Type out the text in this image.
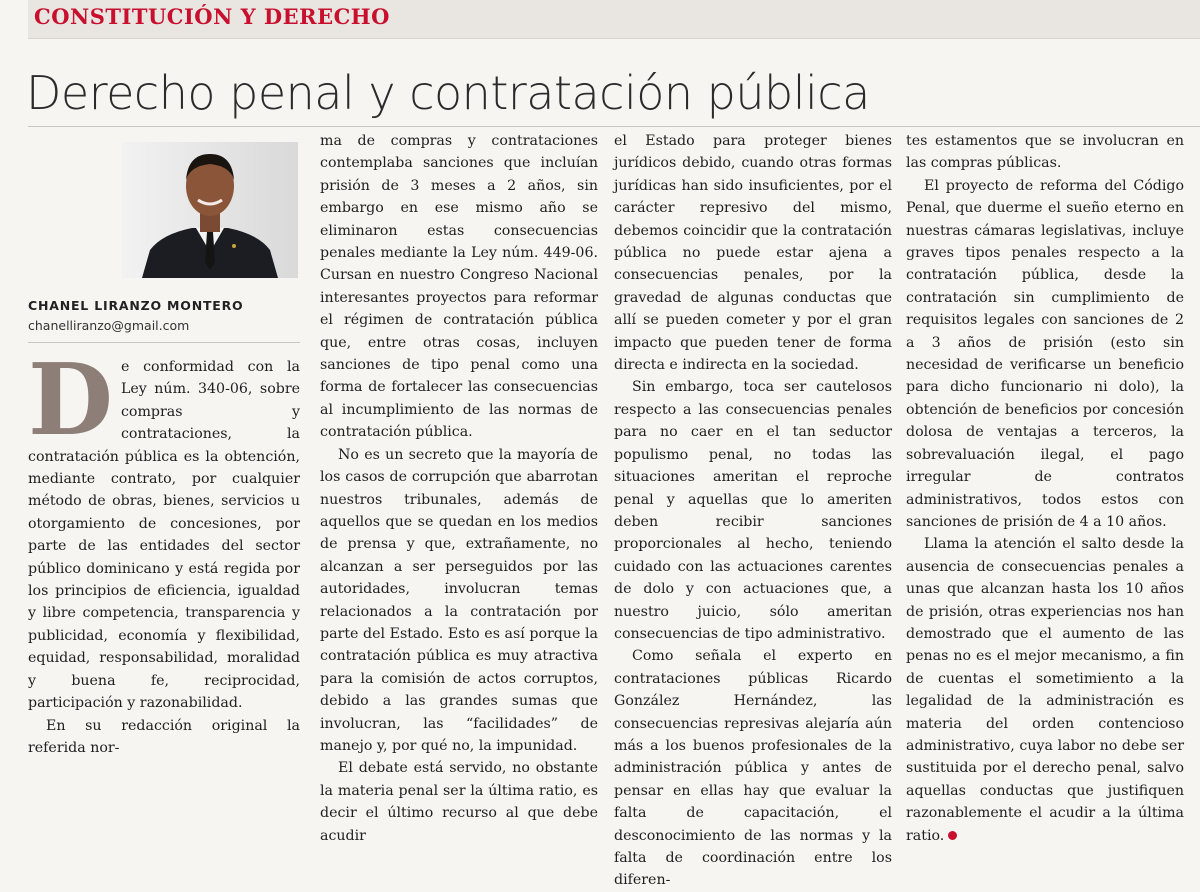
CONSTITUCIÓN Y DERECHO
Derecho penal y contratación pública
CHANEL LIRANZO MONTERO
chanelliranzo@gmail.com

De conformidad con la Ley núm. 340-06, sobre compras y contrataciones, la contratación pública es la obtención, mediante contrato, por cualquier método de obras, bienes, servicios u otorgamiento de concesiones, por parte de las entidades del sector público dominicano y está regida por los principios de eficiencia, igualdad y libre competencia, transparencia y publicidad, economía y flexibilidad, equidad, responsabilidad, moralidad y buena fe, reciprocidad, participación y razonabilidad.

En su redacción original la referida nor-

ma de compras y contrataciones contemplaba sanciones que incluían prisión de 3 meses a 2 años, sin embargo en ese mismo año se eliminaron estas consecuencias penales mediante la Ley núm. 449-06. Cursan en nuestro Congreso Nacional interesantes proyectos para reformar el régimen de contratación pública que, entre otras cosas, incluyen sanciones de tipo penal como una forma de fortalecer las consecuencias al incumplimiento de las normas de contratación pública.

No es un secreto que la mayoría de los casos de corrupción que abarrotan nuestros tribunales, además de aquellos que se quedan en los medios de prensa y que, extrañamente, no alcanzan a ser perseguidos por las autoridades, involucran temas relacionados a la contratación por parte del Estado. Esto es así porque la contratación pública es muy atractiva para la comisión de actos corruptos, debido a las grandes sumas que involucran, las “facilidades” de manejo y, por qué no, la impunidad.

El debate está servido, no obstante la materia penal ser la última ratio, es decir el último recurso al que debe acudir

el Estado para proteger bienes jurídicos debido, cuando otras formas jurídicas han sido insuficientes, por el carácter represivo del mismo, debemos coincidir que la contratación pública no puede estar ajena a consecuencias penales, por la gravedad de algunas conductas que allí se pueden cometer y por el gran impacto que pueden tener de forma directa e indirecta en la sociedad.

Sin embargo, toca ser cautelosos respecto a las consecuencias penales para no caer en el tan seductor populismo penal, no todas las situaciones ameritan el reproche penal y aquellas que lo ameriten deben recibir sanciones proporcionales al hecho, teniendo cuidado con las actuaciones carentes de dolo y con actuaciones que, a nuestro juicio, sólo ameritan consecuencias de tipo administrativo.

Como señala el experto en contrataciones públicas Ricardo González Hernández, las consecuencias represivas alejaría aún más a los buenos profesionales de la administración pública y antes de pensar en ellas hay que evaluar la falta de capacitación, el desconocimiento de las normas y la falta de coordinación entre los diferen-

tes estamentos que se involucran en las compras públicas.

El proyecto de reforma del Código Penal, que duerme el sueño eterno en nuestras cámaras legislativas, incluye graves tipos penales respecto a la contratación pública, desde la contratación sin cumplimiento de requisitos legales con sanciones de 2 a 3 años de prisión (esto sin necesidad de verificarse un beneficio para dicho funcionario ni dolo), la obtención de beneficios por concesión dolosa de ventajas a terceros, la sobrevaluación ilegal, el pago irregular de contratos administrativos, todos estos con sanciones de prisión de 4 a 10 años.

Llama la atención el salto desde la ausencia de consecuencias penales a unas que alcanzan hasta los 10 años de prisión, otras experiencias nos han demostrado que el aumento de las penas no es el mejor mecanismo, a fin de cuentas el sometimiento a la legalidad de la administración es materia del orden contencioso administrativo, cuya labor no debe ser sustituida por el derecho penal, salvo aquellas conductas que justifiquen razonablemente el acudir a la última ratio.
